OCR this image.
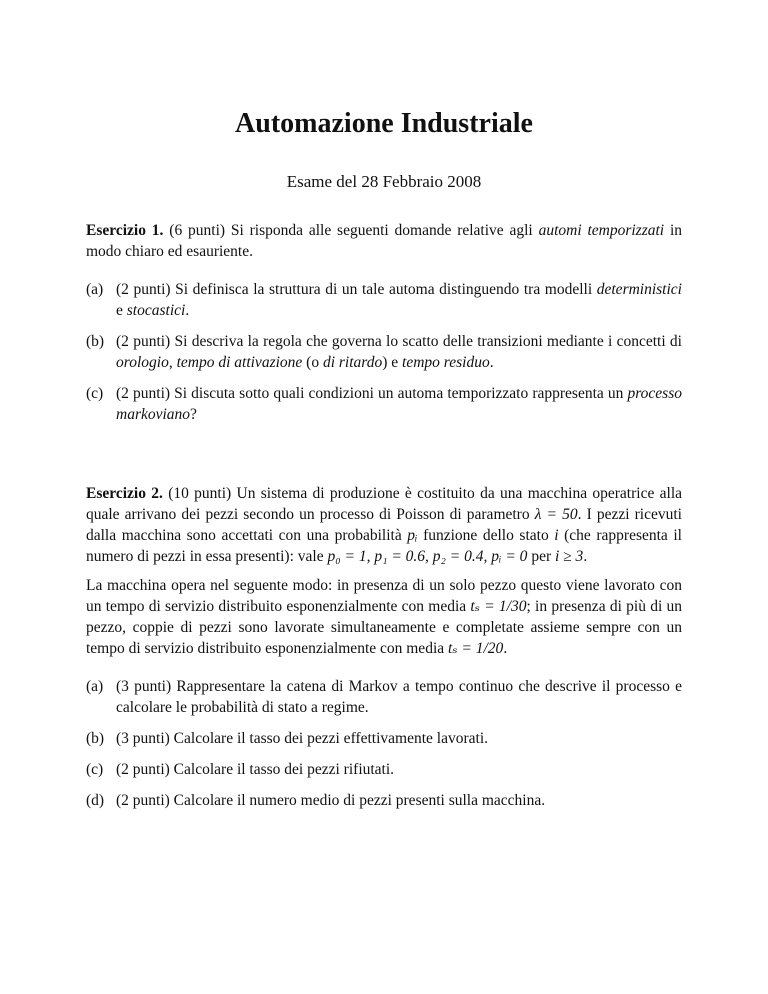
Automazione Industriale

Esame del 28 Febbraio 2008

Esercizio 1. (6 punti) Si risponda alle seguenti domande relative agli automi temporizzati in modo chiaro ed esauriente.

(a) (2 punti) Si definisca la struttura di un tale automa distinguendo tra modelli deterministici e stocastici.
(b) (2 punti) Si descriva la regola che governa lo scatto delle transizioni mediante i concetti di orologio, tempo di attivazione (o di ritardo) e tempo residuo.
(c) (2 punti) Si discuta sotto quali condizioni un automa temporizzato rappresenta un processo markoviano?

Esercizio 2. (10 punti) Un sistema di produzione è costituito da una macchina operatrice alla quale arrivano dei pezzi secondo un processo di Poisson di parametro λ = 50. I pezzi ricevuti dalla macchina sono accettati con una probabilità pᵢ funzione dello stato i (che rappresenta il numero di pezzi in essa presenti): vale p₀ = 1, p₁ = 0.6, p₂ = 0.4, pᵢ = 0 per i ≥ 3.

La macchina opera nel seguente modo: in presenza di un solo pezzo questo viene lavorato con un tempo di servizio distribuito esponenzialmente con media tₛ = 1/30; in presenza di più di un pezzo, coppie di pezzi sono lavorate simultaneamente e completate assieme sempre con un tempo di servizio distribuito esponenzialmente con media tₛ = 1/20.

(a) (3 punti) Rappresentare la catena di Markov a tempo continuo che descrive il processo e calcolare le probabilità di stato a regime.
(b) (3 punti) Calcolare il tasso dei pezzi effettivamente lavorati.
(c) (2 punti) Calcolare il tasso dei pezzi rifiutati.
(d) (2 punti) Calcolare il numero medio di pezzi presenti sulla macchina.
